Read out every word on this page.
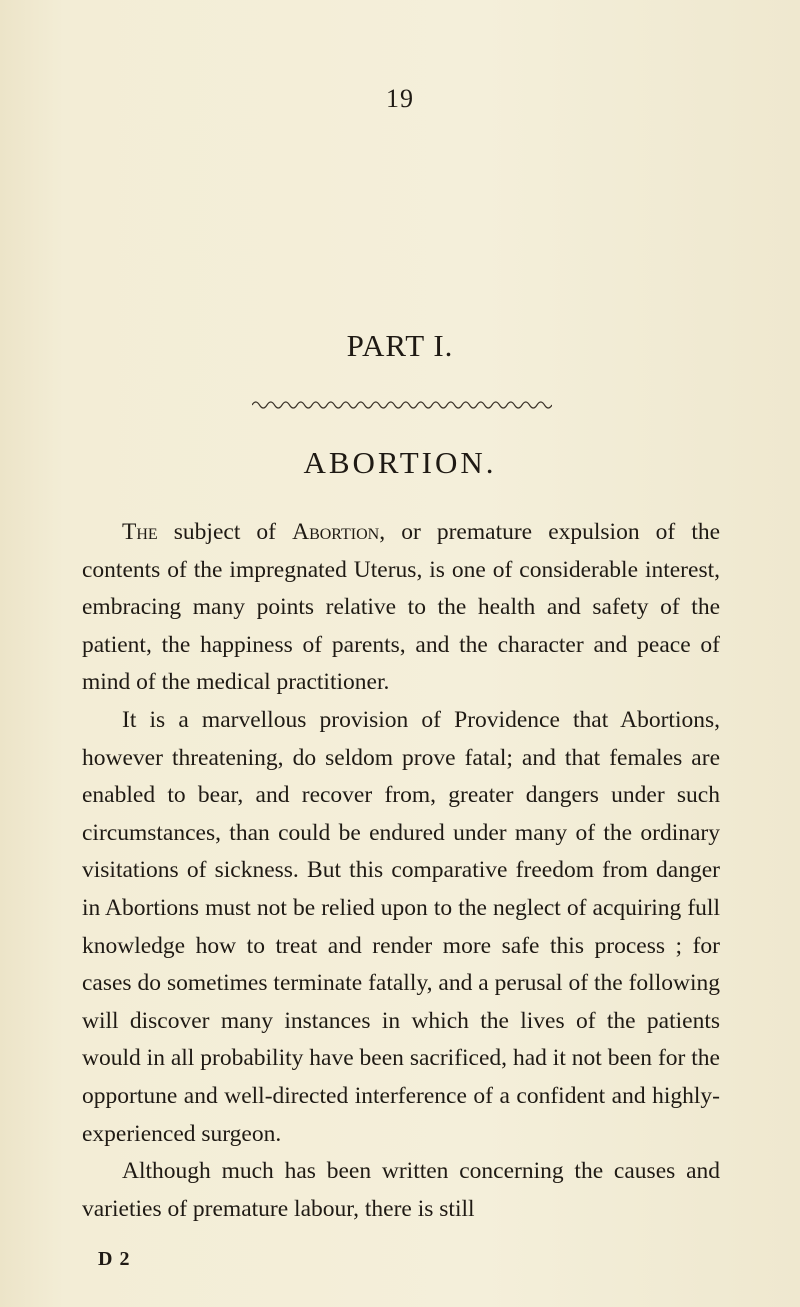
19
PART I.
ABORTION.

The subject of Abortion, or premature expulsion of the contents of the impregnated Uterus, is one of considerable interest, embracing many points relative to the health and safety of the patient, the happiness of parents, and the character and peace of mind of the medical practitioner.

It is a marvellous provision of Providence that Abortions, however threatening, do seldom prove fatal; and that females are enabled to bear, and recover from, greater dangers under such circumstances, than could be endured under many of the ordinary visitations of sickness. But this comparative freedom from danger in Abortions must not be relied upon to the neglect of acquiring full knowledge how to treat and render more safe this process ; for cases do sometimes terminate fatally, and a perusal of the following will discover many instances in which the lives of the patients would in all probability have been sacrificed, had it not been for the opportune and well-directed interference of a confident and highly-experienced surgeon.

Although much has been written concerning the causes and varieties of premature labour, there is still

D 2
